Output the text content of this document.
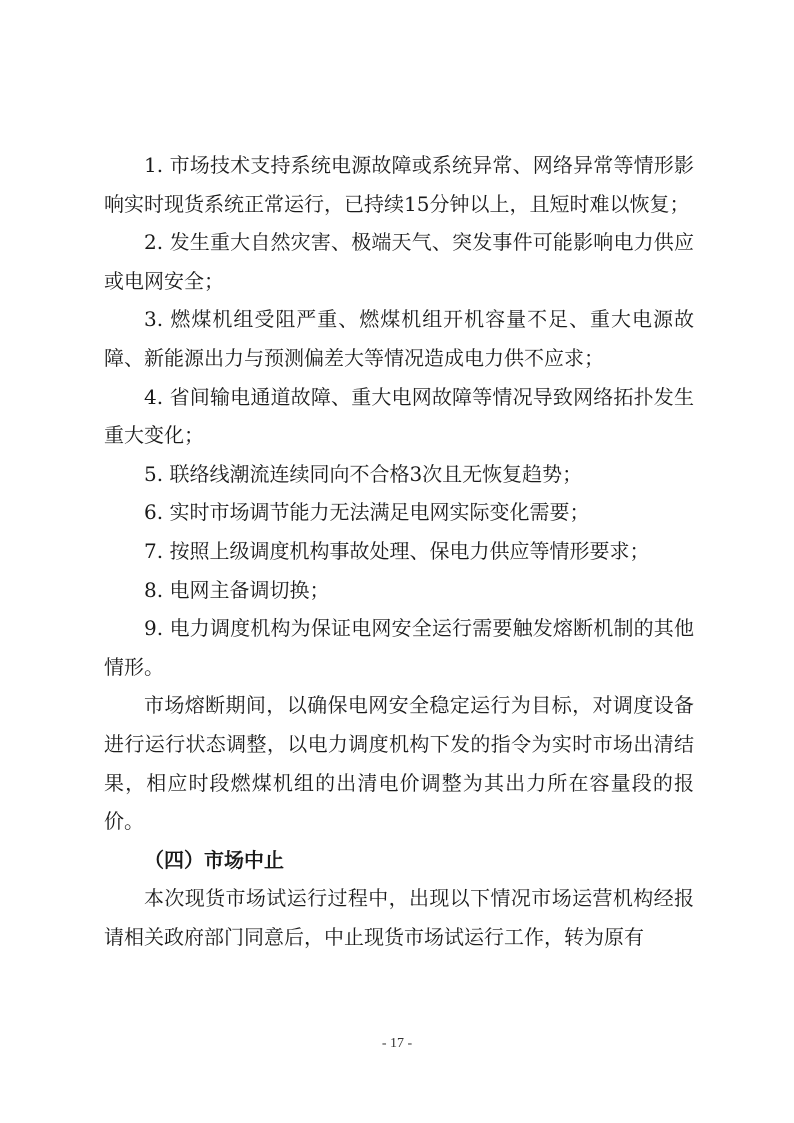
1. 市场技术支持系统电源故障或系统异常、网络异常等情形影响实时现货系统正常运行，已持续15分钟以上，且短时难以恢复；

2. 发生重大自然灾害、极端天气、突发事件可能影响电力供应或电网安全；

3. 燃煤机组受阻严重、燃煤机组开机容量不足、重大电源故障、新能源出力与预测偏差大等情况造成电力供不应求；

4. 省间输电通道故障、重大电网故障等情况导致网络拓扑发生重大变化；

5. 联络线潮流连续同向不合格3次且无恢复趋势；

6. 实时市场调节能力无法满足电网实际变化需要；

7. 按照上级调度机构事故处理、保电力供应等情形要求；

8. 电网主备调切换；

9. 电力调度机构为保证电网安全运行需要触发熔断机制的其他情形。

市场熔断期间，以确保电网安全稳定运行为目标，对调度设备进行运行状态调整，以电力调度机构下发的指令为实时市场出清结果，相应时段燃煤机组的出清电价调整为其出力所在容量段的报价。

（四）市场中止

本次现货市场试运行过程中，出现以下情况市场运营机构经报请相关政府部门同意后，中止现货市场试运行工作，转为原有

- 17 -
